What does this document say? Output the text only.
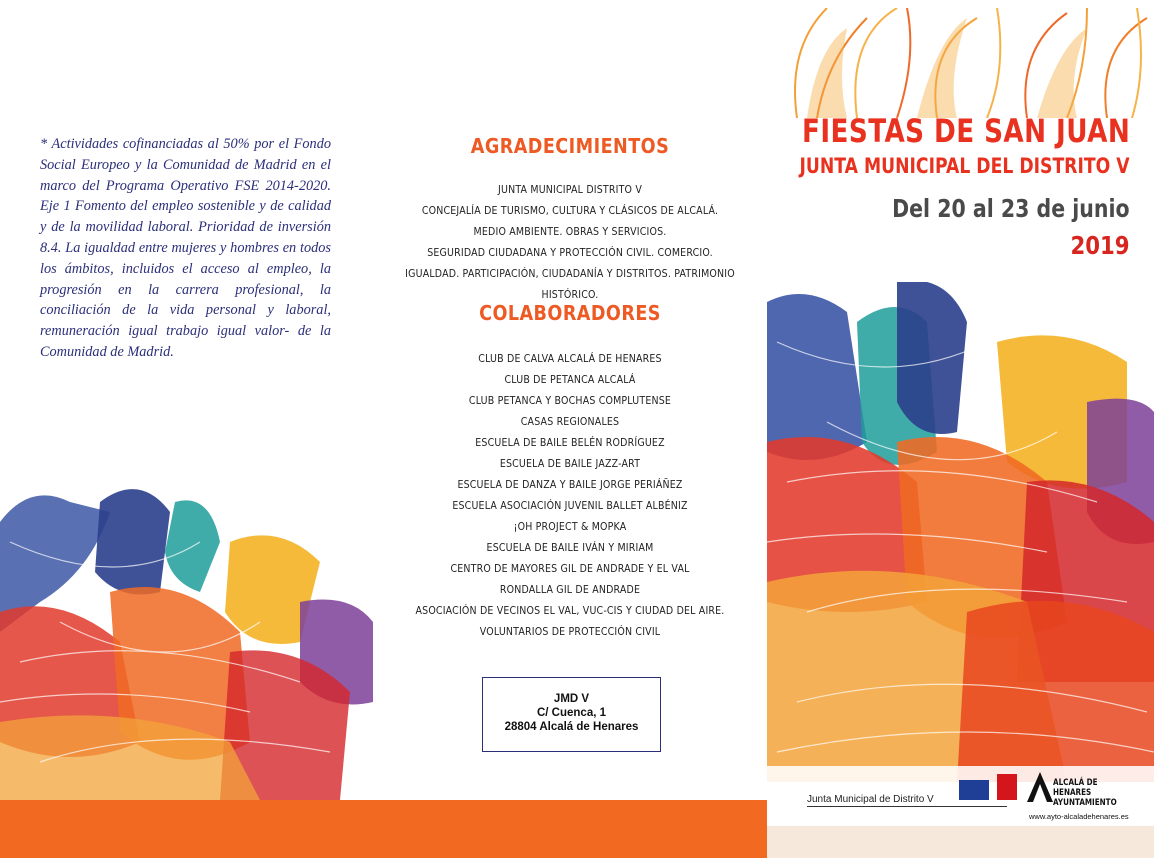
* Actividades cofinanciadas al 50% por el Fondo Social Europeo y la Comunidad de Madrid en el marco del Programa Operativo FSE 2014-2020. Eje 1 Fomento del empleo sostenible y de calidad y de la movilidad laboral. Prioridad de inversión 8.4. La igualdad entre mujeres y hombres en todos los ámbitos, incluidos el acceso al empleo, la progresión en la carrera profesional, la conciliación de la vida personal y laboral, remuneración igual trabajo igual valor- de la Comunidad de Madrid.

AGRADECIMIENTOS
JUNTA MUNICIPAL DISTRITO V
CONCEJALÍA DE TURISMO, CULTURA Y CLÁSICOS DE ALCALÁ.
MEDIO AMBIENTE. OBRAS Y SERVICIOS.
SEGURIDAD CIUDADANA Y PROTECCIÓN CIVIL. COMERCIO.
IGUALDAD. PARTICIPACIÓN, CIUDADANÍA Y DISTRITOS. PATRIMONIO HISTÓRICO.
COLABORADORES
CLUB DE CALVA ALCALÁ DE HENARES
CLUB DE PETANCA ALCALÁ
CLUB PETANCA Y BOCHAS COMPLUTENSE
CASAS REGIONALES
ESCUELA DE BAILE BELÉN RODRÍGUEZ
ESCUELA DE BAILE JAZZ-ART
ESCUELA DE DANZA Y BAILE JORGE PERIÁÑEZ
ESCUELA ASOCIACIÓN JUVENIL BALLET ALBÉNIZ
¡OH PROJECT & MOPKA
ESCUELA DE BAILE IVÁN Y MIRIAM
CENTRO DE MAYORES GIL DE ANDRADE Y EL VAL
RONDALLA GIL DE ANDRADE
ASOCIACIÓN DE VECINOS EL VAL, VUC-CIS Y CIUDAD DEL AIRE.
VOLUNTARIOS DE PROTECCIÓN CIVIL
JMD V
C/ Cuenca, 1
28804 Alcalá de Henares
FIESTAS DE SAN JUAN
JUNTA MUNICIPAL DEL DISTRITO V
Del 20 al 23 de junio
2019
Junta Municipal de Distrito V
ALCALÁ DE HENARES
AYUNTAMIENTO
www.ayto-alcaladehenares.es
